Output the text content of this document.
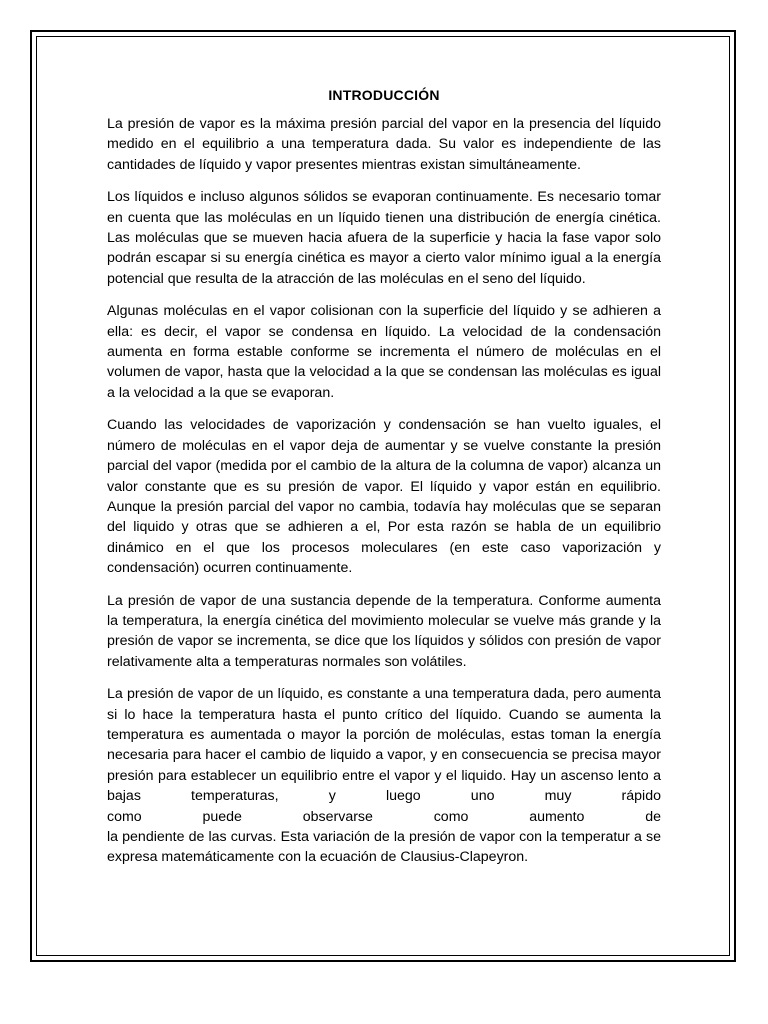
INTRODUCCIÓN

La presión de vapor es la máxima presión parcial del vapor en la presencia del líquido medido en el equilibrio a una temperatura dada. Su valor es independiente de las cantidades de líquido y vapor presentes mientras existan simultáneamente.

Los líquidos e incluso algunos sólidos se evaporan continuamente. Es necesario tomar en cuenta que las moléculas en un líquido tienen una distribución de energía cinética. Las moléculas que se mueven hacia afuera de la superficie y hacia la fase vapor solo podrán escapar si su energía cinética es mayor a cierto valor mínimo igual a la energía potencial que resulta de la atracción de las moléculas en el seno del líquido.

Algunas moléculas en el vapor colisionan con la superficie del líquido y se adhieren a ella: es decir, el vapor se condensa en líquido. La velocidad de la condensación aumenta en forma estable conforme se incrementa el número de moléculas en el volumen de vapor, hasta que la velocidad a la que se condensan las moléculas es igual a la velocidad a la que se evaporan.

Cuando las velocidades de vaporización y condensación se han vuelto iguales, el número de moléculas en el vapor deja de aumentar y se vuelve constante la presión parcial del vapor (medida por el cambio de la altura de la columna de vapor) alcanza un valor constante que es su presión de vapor. El líquido y vapor están en equilibrio. Aunque la presión parcial del vapor no cambia, todavía hay moléculas que se separan del liquido y otras que se adhieren a el, Por esta razón se habla de un equilibrio dinámico en el que los procesos moleculares (en este caso vaporización y condensación) ocurren continuamente.

La presión de vapor de una sustancia depende de la temperatura. Conforme aumenta la temperatura, la energía cinética del movimiento molecular se vuelve más grande y la presión de vapor se incrementa, se dice que los líquidos y sólidos con presión de vapor relativamente alta a temperaturas normales son volátiles.

La presión de vapor de un líquido, es constante a una temperatura dada, pero aumenta si lo hace la temperatura hasta el punto crítico del líquido. Cuando se aumenta la temperatura es aumentada o mayor la porción de moléculas, estas toman la energía necesaria para hacer el cambio de liquido a vapor, y en consecuencia se precisa mayor presión para establecer un equilibrio entre el vapor y el liquido. Hay un ascenso lento a bajas temperaturas, y luego uno muy rápido
como puede observarse como aumento de
la pendiente de las curvas. Esta variación de la presión de vapor con la temperatur a se expresa matemáticamente con la ecuación de Clausius-Clapeyron.
